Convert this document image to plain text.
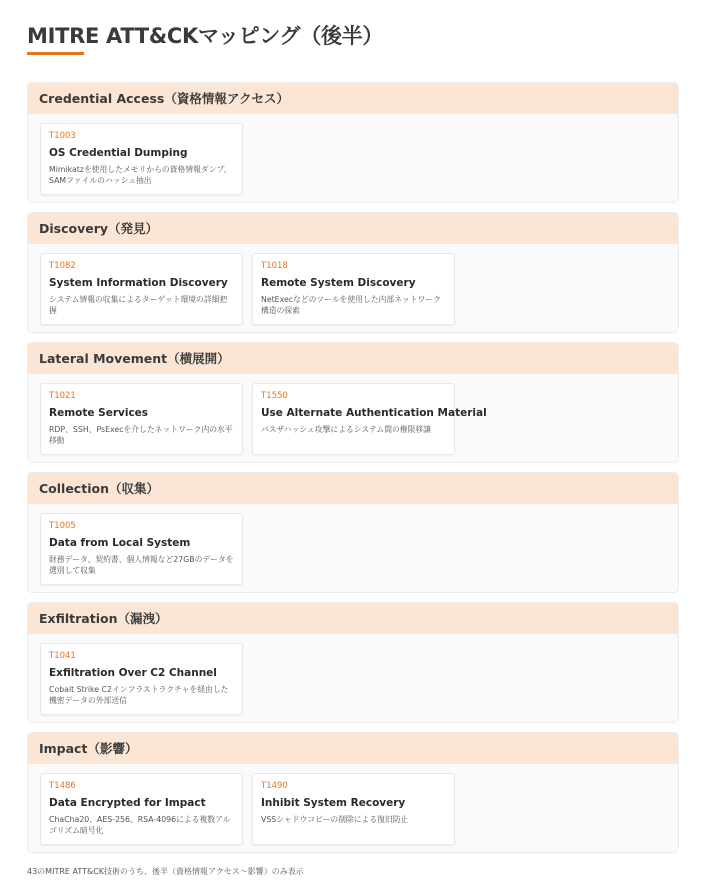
MITRE ATT&CKマッピング（後半）
Credential Access（資格情報アクセス）
T1003
OS Credential Dumping
Mimikatzを使用したメモリからの資格情報ダンプ、SAMファイルのハッシュ抽出
Discovery（発見）
T1082
System Information Discovery
システム情報の収集によるターゲット環境の詳細把握
T1018
Remote System Discovery
NetExecなどのツールを使用した内部ネットワーク構造の探索
Lateral Movement（横展開）
T1021
Remote Services
RDP、SSH、PsExecを介したネットワーク内の水平移動
T1550
Use Alternate Authentication Material
パスザハッシュ攻撃によるシステム間の権限移譲
Collection（収集）
T1005
Data from Local System
財務データ、契約書、個人情報など27GBのデータを選別して収集
Exfiltration（漏洩）
T1041
Exfiltration Over C2 Channel
Cobalt Strike C2インフラストラクチャを経由した機密データの外部送信
Impact（影響）
T1486
Data Encrypted for Impact
ChaCha20、AES-256、RSA-4096による複数アルゴリズム暗号化
T1490
Inhibit System Recovery
VSSシャドウコピーの削除による復旧防止
43のMITRE ATT&CK技術のうち、後半（資格情報アクセス〜影響）のみ表示
